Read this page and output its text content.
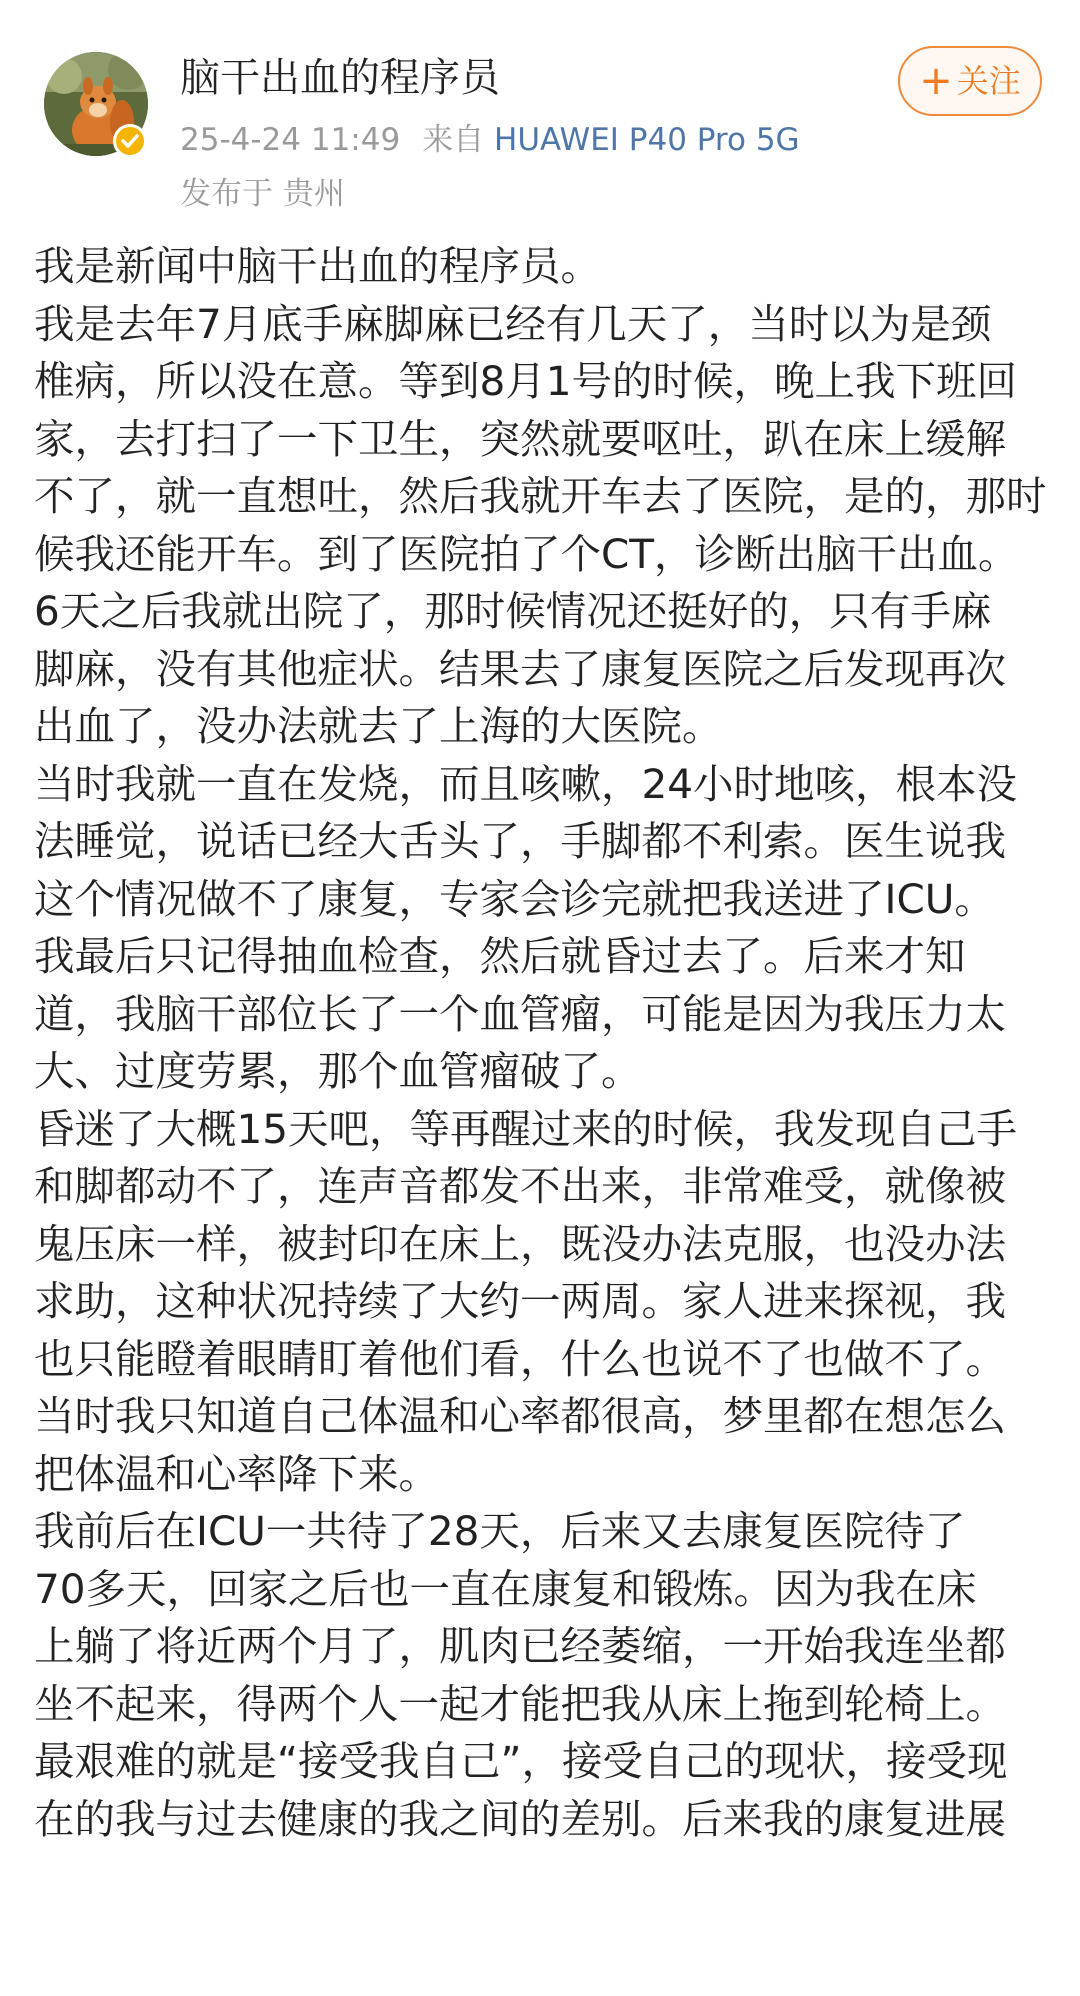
脑干出血的程序员
25-4-24 11:49 来自 HUAWEI P40 Pro 5G
发布于 贵州
+ 关注
我是新闻中脑干出血的程序员。
我是去年7月底手麻脚麻已经有几天了，当时以为是颈
椎病，所以没在意。等到8月1号的时候，晚上我下班回
家，去打扫了一下卫生，突然就要呕吐，趴在床上缓解
不了，就一直想吐，然后我就开车去了医院，是的，那时
候我还能开车。到了医院拍了个CT，诊断出脑干出血。
6天之后我就出院了，那时候情况还挺好的，只有手麻
脚麻，没有其他症状。结果去了康复医院之后发现再次
出血了，没办法就去了上海的大医院。
当时我就一直在发烧，而且咳嗽，24小时地咳，根本没
法睡觉，说话已经大舌头了，手脚都不利索。医生说我
这个情况做不了康复，专家会诊完就把我送进了ICU。
我最后只记得抽血检查，然后就昏过去了。后来才知
道，我脑干部位长了一个血管瘤，可能是因为我压力太
大、过度劳累，那个血管瘤破了。
昏迷了大概15天吧，等再醒过来的时候，我发现自己手
和脚都动不了，连声音都发不出来，非常难受，就像被
鬼压床一样，被封印在床上，既没办法克服，也没办法
求助，这种状况持续了大约一两周。家人进来探视，我
也只能瞪着眼睛盯着他们看，什么也说不了也做不了。
当时我只知道自己体温和心率都很高，梦里都在想怎么
把体温和心率降下来。
我前后在ICU一共待了28天，后来又去康复医院待了
70多天，回家之后也一直在康复和锻炼。因为我在床
上躺了将近两个月了，肌肉已经萎缩，一开始我连坐都
坐不起来，得两个人一起才能把我从床上拖到轮椅上。
最艰难的就是“接受我自己”，接受自己的现状，接受现
在的我与过去健康的我之间的差别。后来我的康复进展
